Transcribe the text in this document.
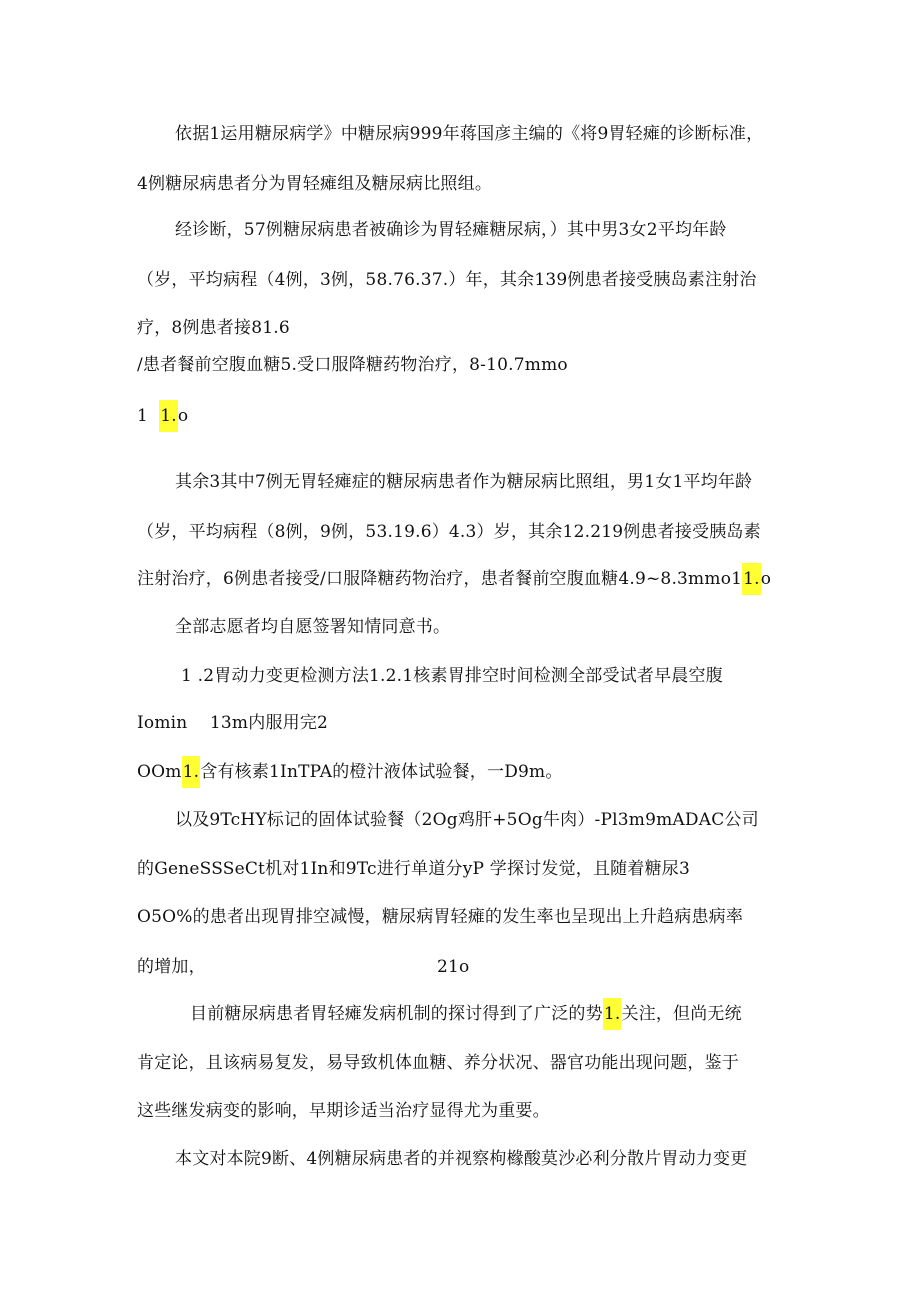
依据1运用糖尿病学》中糖尿病999年蒋国彦主编的《将9胃轻瘫的诊断标准，
4例糖尿病患者分为胃轻瘫组及糖尿病比照组。
经诊断，57例糖尿病患者被确诊为胃轻瘫糖尿病，）其中男3女2平均年龄
（岁，平均病程（4例，3例，58.76.37.）年，其余139例患者接受胰岛素注射治
疗，8例患者接81.6
/患者餐前空腹血糖5.受口服降糖药物治疗，8-10.7mmo
1 1.o
其余3其中7例无胃轻瘫症的糖尿病患者作为糖尿病比照组，男1女1平均年龄
（岁，平均病程（8例，9例，53.19.6）4.3）岁，其余12.219例患者接受胰岛素
注射治疗，6例患者接受/口服降糖药物治疗，患者餐前空腹血糖4.9~8.3mmo11.o
全部志愿者均自愿签署知情同意书。
1 .2胃动力变更检测方法1.2.1核素胃排空时间检测全部受试者早晨空腹
Iomin 13m内服用完2
OOm1.含有核素1InTPA的橙汁液体试验餐，一D9m。
以及9TcHY标记的固体试验餐（2Og鸡肝+5Og牛肉）-Pl3m9mADAC公司
的GeneSSSeCt机对1In和9Tc进行单道分yP 学探讨发觉，且随着糖尿3
O5O%的患者出现胃排空减慢，糖尿病胃轻瘫的发生率也呈现出上升趋病患病率
的增加，	21o
目前糖尿病患者胃轻瘫发病机制的探讨得到了广泛的势1.关注，但尚无统
肯定论，且该病易复发，易导致机体血糖、养分状况、器官功能出现问题，鉴于
这些继发病变的影响，早期诊适当治疗显得尤为重要。
本文对本院9断、4例糖尿病患者的并视察枸橼酸莫沙必利分散片胃动力变更
